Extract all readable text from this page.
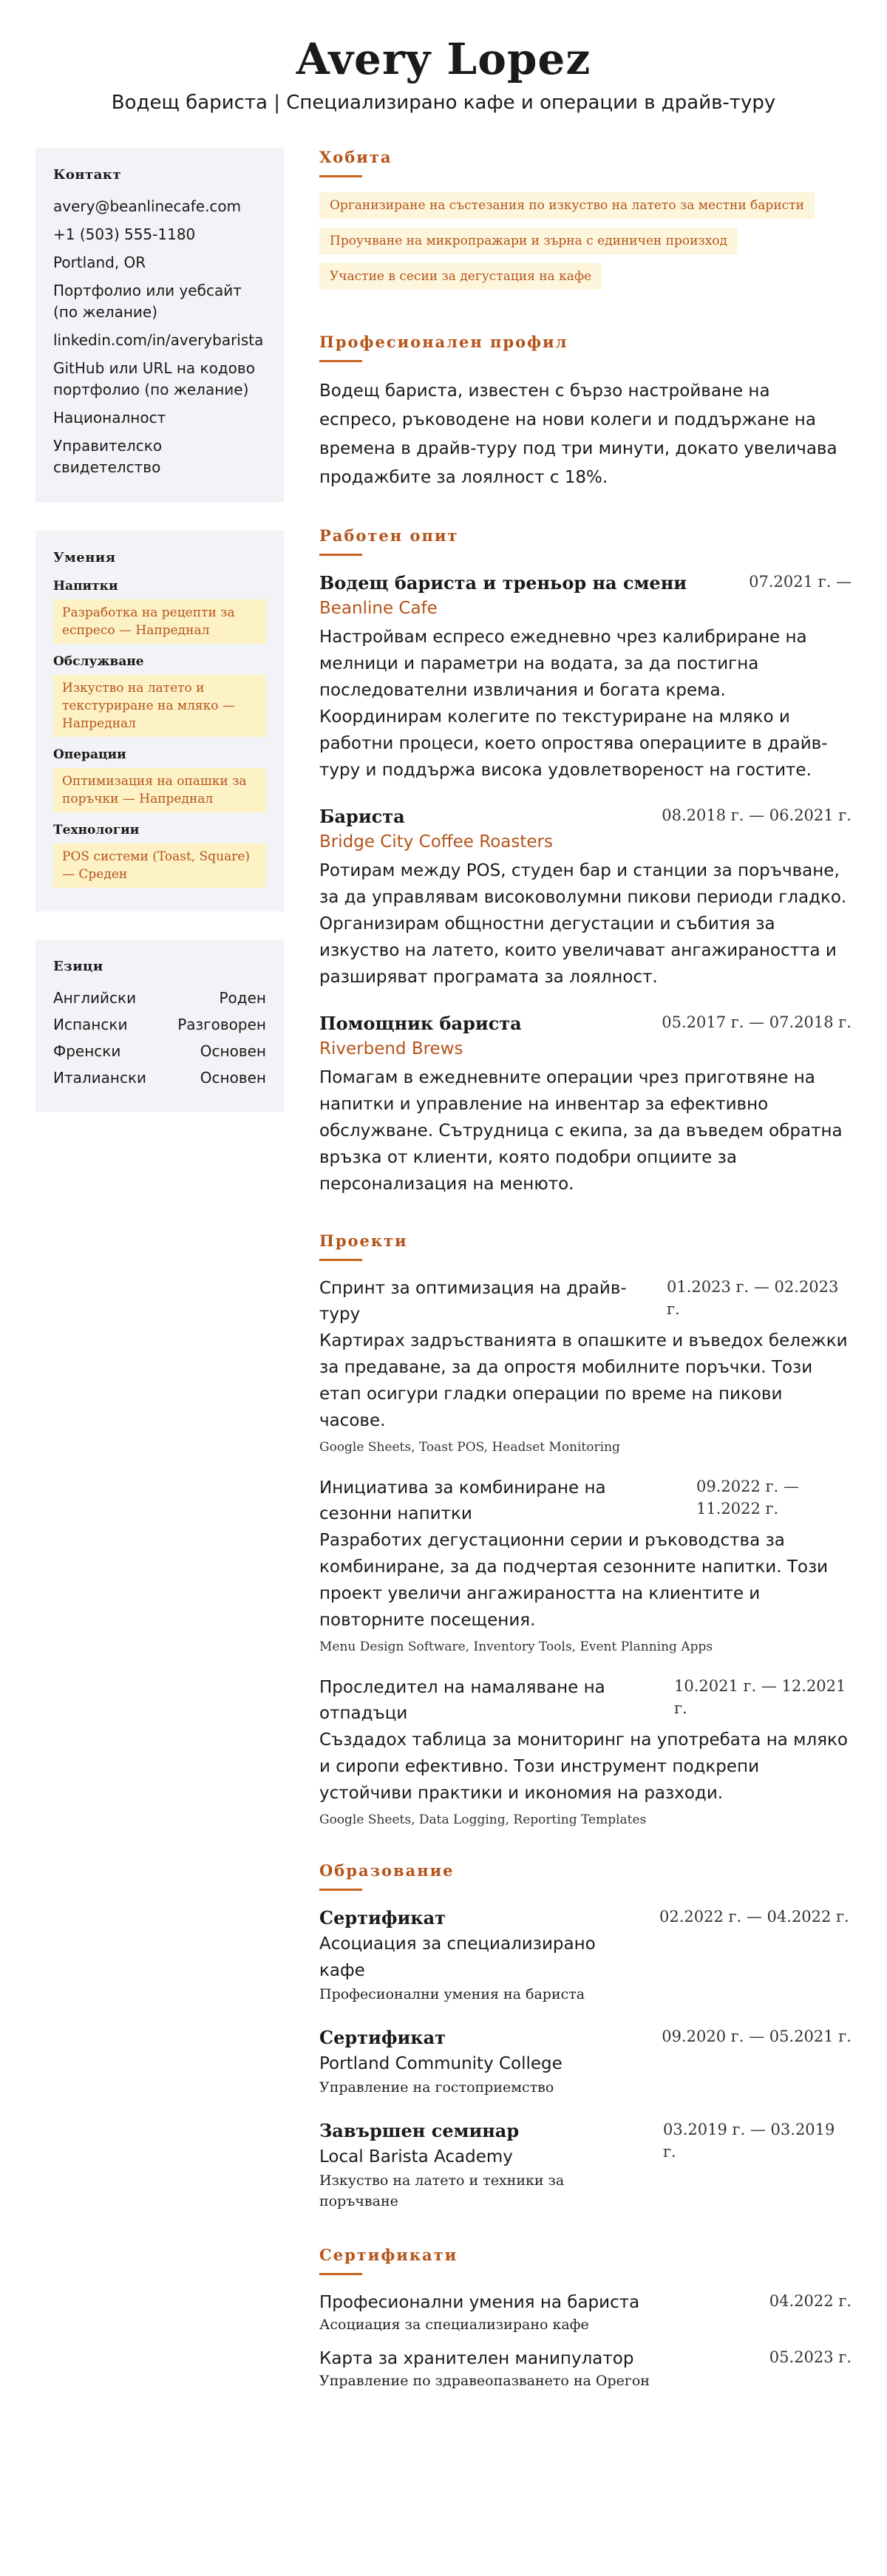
Avery Lopez
Водещ бариста | Специализирано кафе и операции в драйв-туру
Контакт
avery@beanlinecafe.com
+1 (503) 555-1180
Portland, OR
Портфолио или уебсайт (по желание)
linkedin.com/in/averybarista
GitHub или URL на кодово портфолио (по желание)
Националност
Управителско свидетелство
Умения
Напитки
Разработка на рецепти за еспресо — Напреднал
Обслужване
Изкуство на латето и текстуриране на мляко — Напреднал
Операции
Оптимизация на опашки за поръчки — Напреднал
Технологии
POS системи (Toast, Square) — Среден
Езици
Английски	Роден
Испански	Разговорен
Френски	Основен
Италиански	Основен
Хобита
Организиране на състезания по изкуство на латето за местни баристи Проучване на микропражари и зърна с единичен произход Участие в сесии за дегустация на кафе
Професионален профил

Водещ бариста, известен с бързо настройване на еспресо, ръководене на нови колеги и поддържане на времена в драйв-туру под три минути, докато увеличава продажбите за лоялност с 18%.

Работен опит
Водещ бариста и треньор на смени	07.2021 г. —
Beanline Cafe
Настройвам еспресо ежедневно чрез калибриране на мелници и параметри на водата, за да постигна последователни извличания и богата крема. Координирам колегите по текстуриране на мляко и работни процеси, което опростява операциите в драйв-туру и поддържа висока удовлетвореност на гостите.
Бариста	08.2018 г. — 06.2021 г.
Bridge City Coffee Roasters
Ротирам между POS, студен бар и станции за поръчване, за да управлявам високоволумни пикови периоди гладко. Организирам общностни дегустации и събития за изкуство на латето, които увеличават ангажираността и разширяват програмата за лоялност.
Помощник бариста	05.2017 г. — 07.2018 г.
Riverbend Brews
Помагам в ежедневните операции чрез приготвяне на напитки и управление на инвентар за ефективно обслужване. Сътрудница с екипа, за да въведем обратна връзка от клиенти, която подобри опциите за персонализация на менюто.
Проекти
Спринт за оптимизация на драйв-туру
01.2023 г. — 02.2023 г.
Картирах задръстванията в опашките и въведох бележки за предаване, за да опростя мобилните поръчки. Този етап осигури гладки операции по време на пикови часове.
Google Sheets, Toast POS, Headset Monitoring
Инициатива за комбиниране на сезонни напитки
09.2022 г. — 11.2022 г.
Разработих дегустационни серии и ръководства за комбиниране, за да подчертая сезонните напитки. Този проект увеличи ангажираността на клиентите и повторните посещения.
Menu Design Software, Inventory Tools, Event Planning Apps
Проследител на намаляване на отпадъци
10.2021 г. — 12.2021 г.
Създадох таблица за мониторинг на употребата на мляко и сиропи ефективно. Този инструмент подкрепи устойчиви практики и икономия на разходи.
Google Sheets, Data Logging, Reporting Templates
Образование
Сертификат
Асоциация за специализирано кафе
Професионални умения на бариста
02.2022 г. — 04.2022 г.
Сертификат
Portland Community College
Управление на гостоприемство
09.2020 г. — 05.2021 г.
Завършен семинар
Local Barista Academy
Изкуство на латето и техники за поръчване
03.2019 г. — 03.2019 г.
Сертификати
Професионални умения на бариста	04.2022 г.
Асоциация за специализирано кафе
Карта за хранителен манипулатор	05.2023 г.
Управление по здравеопазването на Орегон
